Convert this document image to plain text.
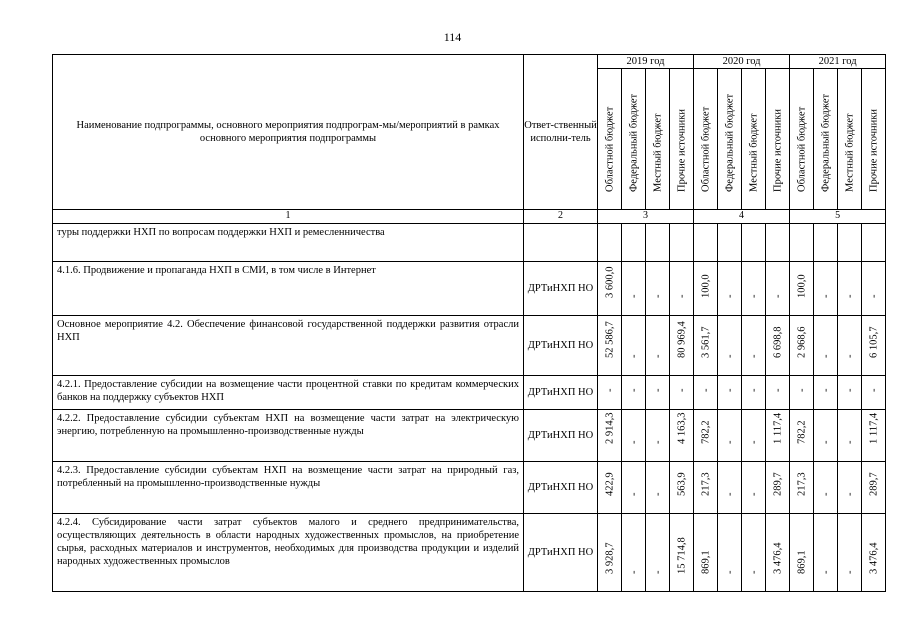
114
Наименование подпрограммы, основного мероприятия подпрограм-мы/мероприятий в рамках основного мероприятия подпрограммы	Ответ-ственный исполни-тель	2019 год				2020 год				2021 год			

		Областной бюджет	Федеральный бюджет	Местный бюджет	Прочие источники	Областной бюджет	Федеральный бюджет	Местный бюджет	Прочие источники	Областной бюджет	Федеральный бюджет	Местный бюджет	Прочие источники

1	2	3				4				5			
туры поддержки НХП по вопросам поддержки НХП и ремесленничества		

4.1.6. Продвижение и пропаганда НХП в СМИ, в том числе в Интернет	ДРТиНХП НО	3 600,0	-	-	-	100,0	-	-	-	100,0	-	-	-

Основное мероприятие 4.2. Обеспечение финансовой государственной поддержки развития отрасли НХП	ДРТиНХП НО	52 586,7	-	-	80 969,4	3 561,7	-	-	6 698,8	2 968,6	-	-	6 105,7

4.2.1. Предоставление субсидии на возмещение части процентной ставки по кредитам коммерческих банков на поддержку субъектов НХП	ДРТиНХП НО	-	-	-	-	-	-	-	-	-	-	-	-

4.2.2. Предоставление субсидии субъектам НХП на возмещение части затрат на электрическую энергию, потребленную на промышленно-производственные нужды	ДРТиНХП НО	2 914,3	-	-	4 163,3	782,2	-	-	1 117,4	782,2	-	-	1 117,4

4.2.3. Предоставление субсидии субъектам НХП на возмещение части затрат на природный газ, потребленный на промышленно-производственные нужды	ДРТиНХП НО	422,9	-	-	563,9	217,3	-	-	289,7	217,3	-	-	289,7

4.2.4. Субсидирование части затрат субъектов малого и среднего предпринимательства, осуществляющих деятельность в области народных художественных промыслов, на приобретение сырья, расходных материалов и инструментов, необходимых для производства продукции и изделий народных художественных промыслов	ДРТиНХП НО	3 928,7	-	-	15 714,8	869,1	-	-	3 476,4	869,1	-	-	3 476,4
